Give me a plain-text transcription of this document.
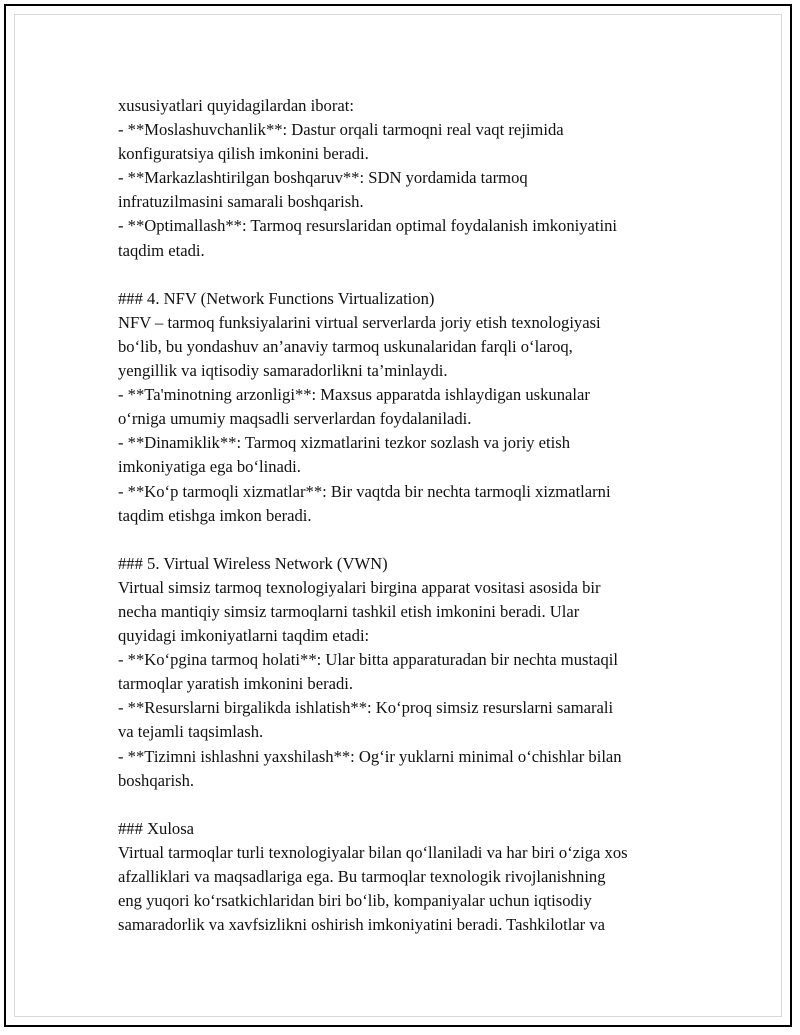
xususiyatlari quyidagilardan iborat:
- **Moslashuvchanlik**: Dastur orqali tarmoqni real vaqt rejimida
konfiguratsiya qilish imkonini beradi.
- **Markazlashtirilgan boshqaruv**: SDN yordamida tarmoq
infratuzilmasini samarali boshqarish.
- **Optimallash**: Tarmoq resurslaridan optimal foydalanish imkoniyatini
taqdim etadi.
### 4. NFV (Network Functions Virtualization)
NFV – tarmoq funksiyalarini virtual serverlarda joriy etish texnologiyasi
bo‘lib, bu yondashuv an’anaviy tarmoq uskunalaridan farqli o‘laroq,
yengillik va iqtisodiy samaradorlikni ta’minlaydi.
- **Ta'minotning arzonligi**: Maxsus apparatda ishlaydigan uskunalar
o‘rniga umumiy maqsadli serverlardan foydalaniladi.
- **Dinamiklik**: Tarmoq xizmatlarini tezkor sozlash va joriy etish
imkoniyatiga ega bo‘linadi.
- **Ko‘p tarmoqli xizmatlar**: Bir vaqtda bir nechta tarmoqli xizmatlarni
taqdim etishga imkon beradi.
### 5. Virtual Wireless Network (VWN)
Virtual simsiz tarmoq texnologiyalari birgina apparat vositasi asosida bir
necha mantiqiy simsiz tarmoqlarni tashkil etish imkonini beradi. Ular
quyidagi imkoniyatlarni taqdim etadi:
- **Ko‘pgina tarmoq holati**: Ular bitta apparaturadan bir nechta mustaqil
tarmoqlar yaratish imkonini beradi.
- **Resurslarni birgalikda ishlatish**: Ko‘proq simsiz resurslarni samarali
va tejamli taqsimlash.
- **Tizimni ishlashni yaxshilash**: Og‘ir yuklarni minimal o‘chishlar bilan
boshqarish.
### Xulosa
Virtual tarmoqlar turli texnologiyalar bilan qo‘llaniladi va har biri o‘ziga xos
afzalliklari va maqsadlariga ega. Bu tarmoqlar texnologik rivojlanishning
eng yuqori ko‘rsatkichlaridan biri bo‘lib, kompaniyalar uchun iqtisodiy
samaradorlik va xavfsizlikni oshirish imkoniyatini beradi. Tashkilotlar va
